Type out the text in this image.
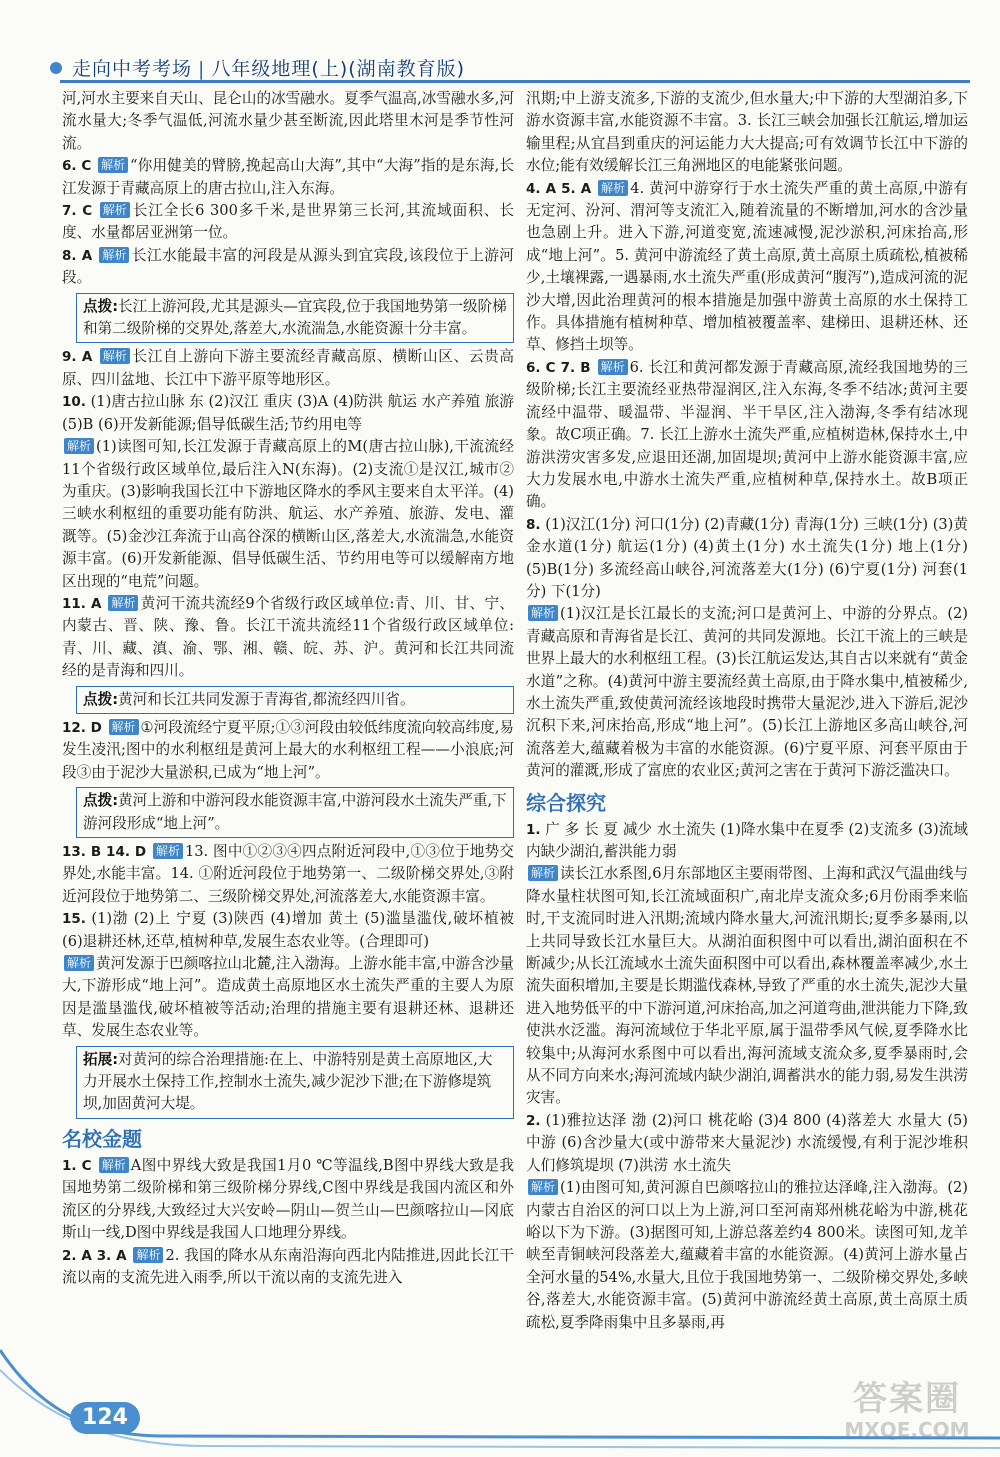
走向中考考场 | 八年级地理(上)(湖南教育版)

河,河水主要来自天山、昆仑山的冰雪融水。夏季气温高,冰雪融水多,河流水量大;冬季气温低,河流水量少甚至断流,因此塔里木河是季节性河流。

6. C 解析 “你用健美的臂膀,挽起高山大海”,其中“大海”指的是东海,长江发源于青藏高原上的唐古拉山,注入东海。

7. C 解析 长江全长6 300多千米,是世界第三长河,其流域面积、长度、水量都居亚洲第一位。

8. A 解析 长江水能最丰富的河段是从源头到宜宾段,该段位于上游河段。

点拨:长江上游河段,尤其是源头—宜宾段,位于我国地势第一级阶梯和第二级阶梯的交界处,落差大,水流湍急,水能资源十分丰富。

9. A 解析 长江自上游向下游主要流经青藏高原、横断山区、云贵高原、四川盆地、长江中下游平原等地形区。

10. (1)唐古拉山脉 东 (2)汉江 重庆 (3)A (4)防洪 航运 水产养殖 旅游 (5)B (6)开发新能源;倡导低碳生活;节约用电等

解析 (1)读图可知,长江发源于青藏高原上的M(唐古拉山脉),干流流经11个省级行政区域单位,最后注入N(东海)。(2)支流①是汉江,城市②为重庆。(3)影响我国长江中下游地区降水的季风主要来自太平洋。(4)三峡水利枢纽的重要功能有防洪、航运、水产养殖、旅游、发电、灌溉等。(5)金沙江奔流于山高谷深的横断山区,落差大,水流湍急,水能资源丰富。(6)开发新能源、倡导低碳生活、节约用电等可以缓解南方地区出现的“电荒”问题。

11. A 解析 黄河干流共流经9个省级行政区域单位:青、川、甘、宁、内蒙古、晋、陕、豫、鲁。长江干流共流经11个省级行政区域单位:青、川、藏、滇、渝、鄂、湘、赣、皖、苏、沪。黄河和长江共同流经的是青海和四川。

点拨:黄河和长江共同发源于青海省,都流经四川省。

12. D 解析 ①河段流经宁夏平原;①③河段由较低纬度流向较高纬度,易发生凌汛;图中的水利枢纽是黄河上最大的水利枢纽工程——小浪底;河段③由于泥沙大量淤积,已成为“地上河”。

点拨:黄河上游和中游河段水能资源丰富,中游河段水土流失严重,下游河段形成“地上河”。

13. B 14. D 解析 13. 图中①②③④四点附近河段中,①③位于地势交界处,水能丰富。14. ①附近河段位于地势第一、二级阶梯交界处,③附近河段位于地势第二、三级阶梯交界处,河流落差大,水能资源丰富。

15. (1)渤 (2)上 宁夏 (3)陕西 (4)增加 黄土 (5)滥垦滥伐,破坏植被 (6)退耕还林,还草,植树种草,发展生态农业等。(合理即可)

解析 黄河发源于巴颜喀拉山北麓,注入渤海。上游水能丰富,中游含沙量大,下游形成“地上河”。造成黄土高原地区水土流失严重的主要人为原因是滥垦滥伐,破坏植被等活动;治理的措施主要有退耕还林、退耕还草、发展生态农业等。

拓展:对黄河的综合治理措施:在上、中游特别是黄土高原地区,大力开展水土保持工作,控制水土流失,减少泥沙下泄;在下游修堤筑坝,加固黄河大堤。
名校金题

1. C 解析 A图中界线大致是我国1月0 ℃等温线,B图中界线大致是我国地势第二级阶梯和第三级阶梯分界线,C图中界线是我国内流区和外流区的分界线,大致经过大兴安岭—阴山—贺兰山—巴颜喀拉山—冈底斯山一线,D图中界线是我国人口地理分界线。

2. A 3. A 解析 2. 我国的降水从东南沿海向西北内陆推进,因此长江干流以南的支流先进入雨季,所以干流以南的支流先进入

汛期;中上游支流多,下游的支流少,但水量大;中下游的大型湖泊多,下游水资源丰富,水能资源不丰富。3. 长江三峡会加强长江航运,增加运输里程;从宜昌到重庆的河运能力大大提高;可有效调节长江中下游的水位;能有效缓解长江三角洲地区的电能紧张问题。

4. A 5. A 解析 4. 黄河中游穿行于水土流失严重的黄土高原,中游有无定河、汾河、渭河等支流汇入,随着流量的不断增加,河水的含沙量也急剧上升。进入下游,河道变宽,流速减慢,泥沙淤积,河床抬高,形成“地上河”。5. 黄河中游流经了黄土高原,黄土高原土质疏松,植被稀少,土壤裸露,一遇暴雨,水土流失严重(形成黄河“腹泻”),造成河流的泥沙大增,因此治理黄河的根本措施是加强中游黄土高原的水土保持工作。具体措施有植树种草、增加植被覆盖率、建梯田、退耕还林、还草、修挡土坝等。

6. C 7. B 解析 6. 长江和黄河都发源于青藏高原,流经我国地势的三级阶梯;长江主要流经亚热带湿润区,注入东海,冬季不结冰;黄河主要流经中温带、暖温带、半湿润、半干旱区,注入渤海,冬季有结冰现象。故C项正确。7. 长江上游水土流失严重,应植树造林,保持水土,中游洪涝灾害多发,应退田还湖,加固堤坝;黄河中上游水能资源丰富,应大力发展水电,中游水土流失严重,应植树种草,保持水土。故B项正确。

8. (1)汉江(1分) 河口(1分) (2)青藏(1分) 青海(1分) 三峡(1分) (3)黄金水道(1分) 航运(1分) (4)黄土(1分) 水土流失(1分) 地上(1分) (5)B(1分) 多流经高山峡谷,河流落差大(1分) (6)宁夏(1分) 河套(1分) 下(1分)

解析 (1)汉江是长江最长的支流;河口是黄河上、中游的分界点。(2)青藏高原和青海省是长江、黄河的共同发源地。长江干流上的三峡是世界上最大的水利枢纽工程。(3)长江航运发达,其自古以来就有“黄金水道”之称。(4)黄河中游主要流经黄土高原,由于降水集中,植被稀少,水土流失严重,致使黄河流经该地段时携带大量泥沙,进入下游后,泥沙沉积下来,河床抬高,形成“地上河”。(5)长江上游地区多高山峡谷,河流落差大,蕴藏着极为丰富的水能资源。(6)宁夏平原、河套平原由于黄河的灌溉,形成了富庶的农业区;黄河之害在于黄河下游泛滥决口。

综合探究

1. 广 多 长 夏 减少 水土流失 (1)降水集中在夏季 (2)支流多 (3)流域内缺少湖泊,蓄洪能力弱

解析 读长江水系图,6月东部地区主要雨带图、上海和武汉气温曲线与降水量柱状图可知,长江流域面积广,南北岸支流众多;6月份雨季来临时,干支流同时进入汛期;流域内降水量大,河流汛期长;夏季多暴雨,以上共同导致长江水量巨大。从湖泊面积图中可以看出,湖泊面积在不断减少;从长江流域水土流失面积图中可以看出,森林覆盖率减少,水土流失面积增加,主要是长期滥伐森林,导致了严重的水土流失,泥沙大量进入地势低平的中下游河道,河床抬高,加之河道弯曲,泄洪能力下降,致使洪水泛滥。海河流域位于华北平原,属于温带季风气候,夏季降水比较集中;从海河水系图中可以看出,海河流域支流众多,夏季暴雨时,会从不同方向来水;海河流域内缺少湖泊,调蓄洪水的能力弱,易发生洪涝灾害。

2. (1)雅拉达泽 渤 (2)河口 桃花峪 (3)4 800 (4)落差大 水量大 (5)中游 (6)含沙量大(或中游带来大量泥沙) 水流缓慢,有利于泥沙堆积 人们修筑堤坝 (7)洪涝 水土流失

解析 (1)由图可知,黄河源自巴颜喀拉山的雅拉达泽峰,注入渤海。(2)内蒙古自治区的河口以上为上游,河口至河南郑州桃花峪为中游,桃花峪以下为下游。(3)据图可知,上游总落差约4 800米。读图可知,龙羊峡至青铜峡河段落差大,蕴藏着丰富的水能资源。(4)黄河上游水量占全河水量的54%,水量大,且位于我国地势第一、二级阶梯交界处,多峡谷,落差大,水能资源丰富。(5)黄河中游流经黄土高原,黄土高原土质疏松,夏季降雨集中且多暴雨,再

124	答案圈
MXQE.COM
